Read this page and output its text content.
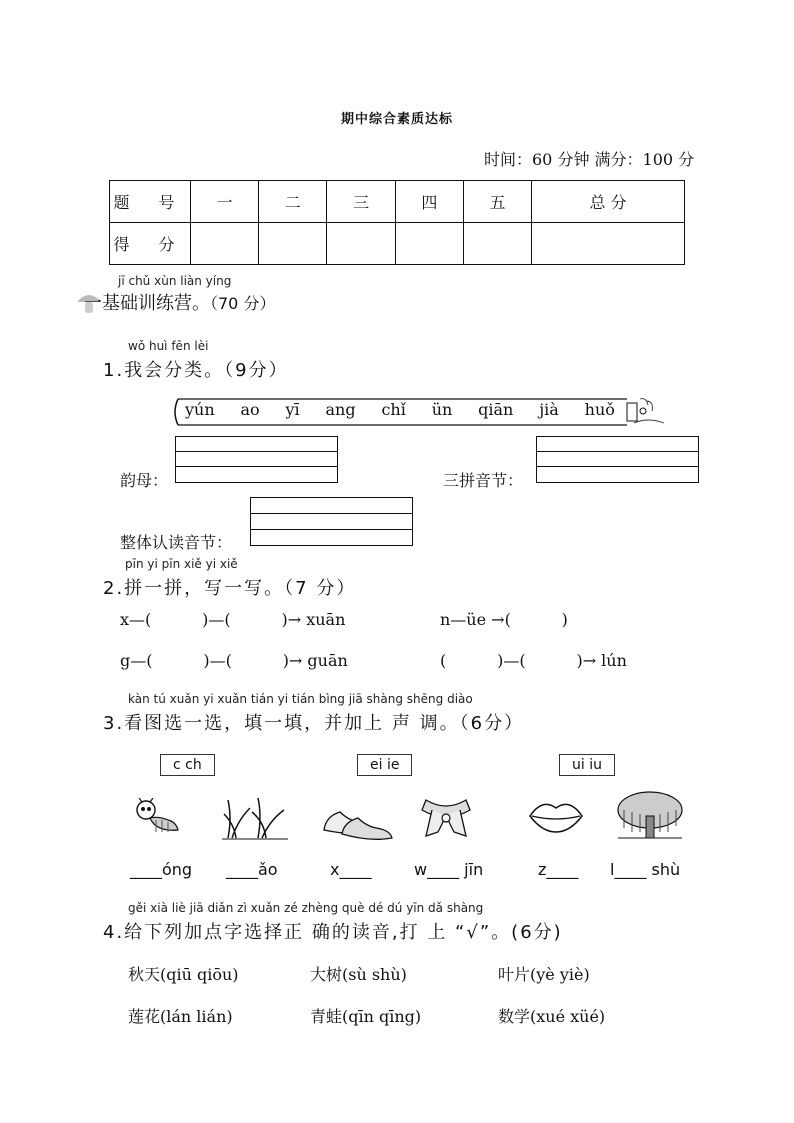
期中综合素质达标
时间：60 分钟 满分：100 分
题 号	一	二	三	四	五	总 分
得 分						
jī chǔ xùn liàn yíng
一基础训练营。（70 分）
wǒ huì fēn lèi
1.我会分类。（9分）
yún ao yī ang chǐ ün qiān jià huǒ
韵母：	三拼音节：
整体认读音节：
pīn yi pīn xiě yi xiě
2.拼一拼，写一写。（7 分）
x—(          )—(          )→ xuān	n—üe →(          )
g—(          )—(          )→ guān	(          )—(          )→ lún
kàn tú xuǎn yi xuǎn tián yi tián bìng jiā shàng shēng diào
3.看图选一选，填一填，并加上 声 调。（6分）
c ch	ei ie	ui iu
____óng ____ǎo	x____	w____ jīn	z____ l____ shù
gěi xià liè jiā diǎn zì xuǎn zé zhèng què dé dú yīn dǎ shàng
4.给下列加点字选择正 确的读音,打 上 “√”。(6分)
秋天(qiū qiōu)	大树(sù shù)	叶片(yè yiè)
莲花(lán lián)	青蛙(qīn qīng)	数学(xué xüé)
